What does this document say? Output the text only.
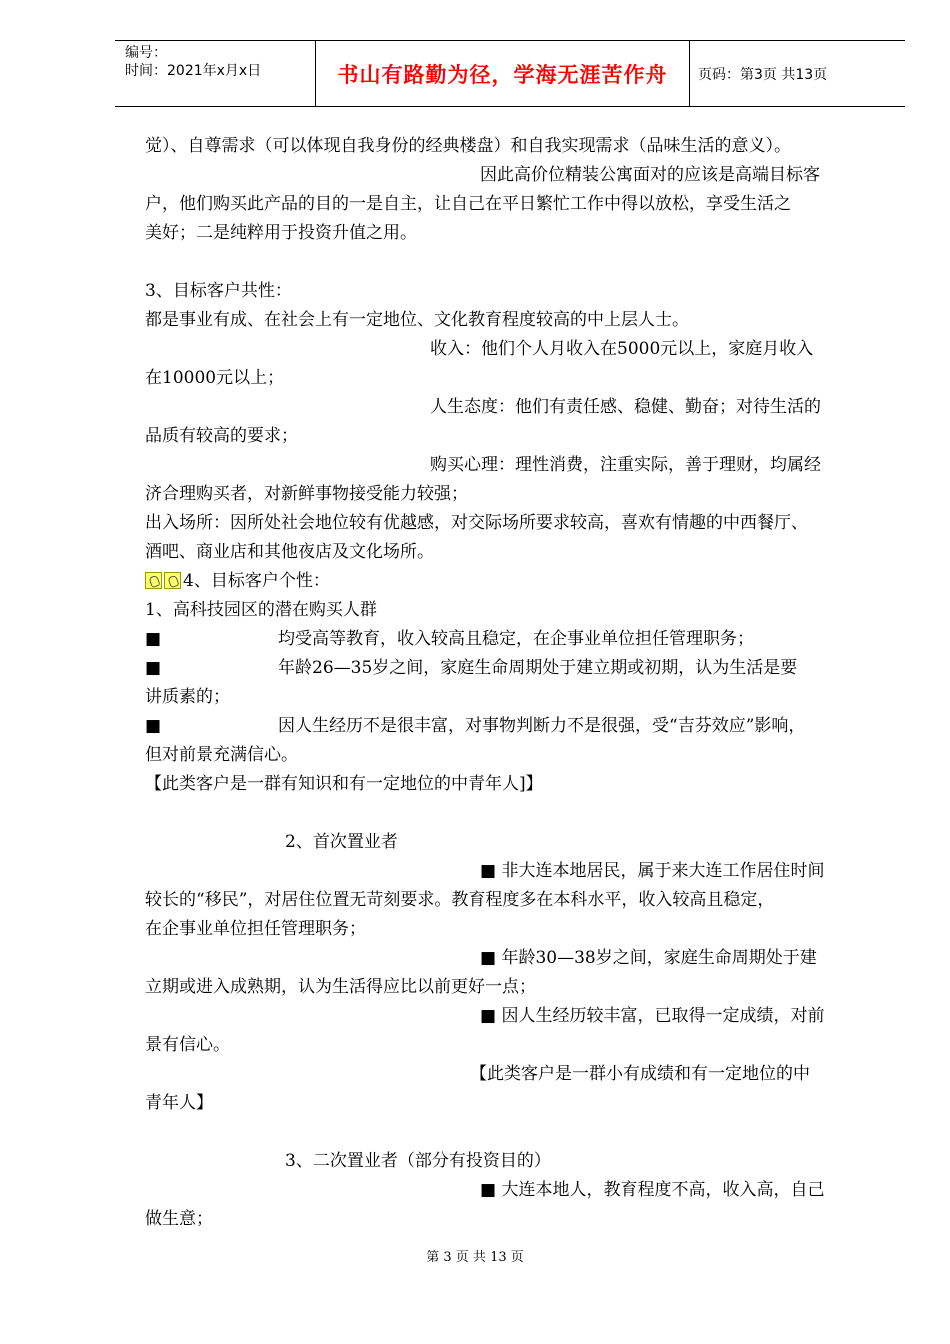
编号：
时间：2021年x月x日	书山有路勤为径，学海无涯苦作舟	页码：第3页 共13页
觉）、自尊需求（可以体现自我身份的经典楼盘）和自我实现需求（品味生活的意义）。
因此高价位精装公寓面对的应该是高端目标客
户，他们购买此产品的目的一是自主，让自己在平日繁忙工作中得以放松，享受生活之
美好；二是纯粹用于投资升值之用。
3、目标客户共性：
都是事业有成、在社会上有一定地位、文化教育程度较高的中上层人士。
收入：他们个人月收入在5000元以上，家庭月收入
在10000元以上；
人生态度：他们有责任感、稳健、勤奋；对待生活的
品质有较高的要求；
购买心理：理性消费，注重实际，善于理财，均属经
济合理购买者，对新鲜事物接受能力较强；
出入场所：因所处社会地位较有优越感，对交际场所要求较高，喜欢有情趣的中西餐厅、
酒吧、商业店和其他夜店及文化场所。
4、目标客户个性：
1、高科技园区的潜在购买人群
■	均受高等教育，收入较高且稳定，在企事业单位担任管理职务；
■	年龄26—35岁之间，家庭生命周期处于建立期或初期，认为生活是要
讲质素的；
■	因人生经历不是很丰富，对事物判断力不是很强，受“吉芬效应”影响，
但对前景充满信心。
【此类客户是一群有知识和有一定地位的中青年人]】
2、首次置业者
■ 非大连本地居民，属于来大连工作居住时间
较长的“移民”，对居住位置无苛刻要求。教育程度多在本科水平，收入较高且稳定，
在企事业单位担任管理职务；
■ 年龄30—38岁之间，家庭生命周期处于建
立期或进入成熟期，认为生活得应比以前更好一点；
■ 因人生经历较丰富，已取得一定成绩，对前
景有信心。
【此类客户是一群小有成绩和有一定地位的中
青年人】
3、二次置业者（部分有投资目的）
■ 大连本地人，教育程度不高，收入高，自己
做生意；
第 3 页 共 13 页
